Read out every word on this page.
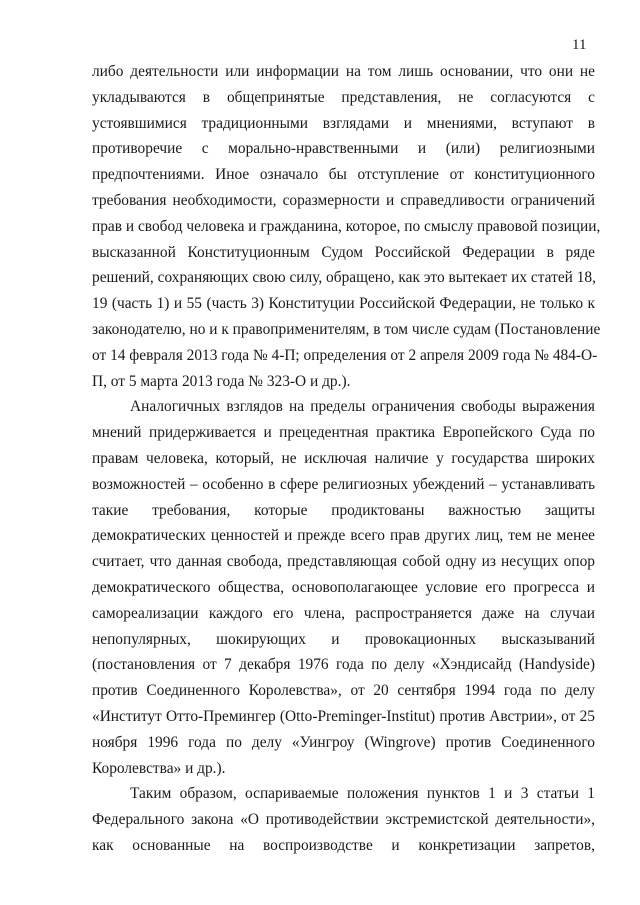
11
либо деятельности или информации на том лишь основании, что они не
укладываются в общепринятые представления, не согласуются с
устоявшимися традиционными взглядами и мнениями, вступают в
противоречие с морально-нравственными и (или) религиозными
предпочтениями. Иное означало бы отступление от конституционного
требования необходимости, соразмерности и справедливости ограничений
прав и свобод человека и гражданина, которое, по смыслу правовой позиции,
высказанной Конституционным Судом Российской Федерации в ряде
решений, сохраняющих свою силу, обращено, как это вытекает их статей 18,
19 (часть 1) и 55 (часть 3) Конституции Российской Федерации, не только к
законодателю, но и к правоприменителям, в том числе судам (Постановление
от 14 февраля 2013 года № 4-П; определения от 2 апреля 2009 года № 484-О-
П, от 5 марта 2013 года № 323-О и др.).
Аналогичных взглядов на пределы ограничения свободы выражения
мнений придерживается и прецедентная практика Европейского Суда по
правам человека, который, не исключая наличие у государства широких
возможностей – особенно в сфере религиозных убеждений – устанавливать
такие требования, которые продиктованы важностью защиты
демократических ценностей и прежде всего прав других лиц, тем не менее
считает, что данная свобода, представляющая собой одну из несущих опор
демократического общества, основополагающее условие его прогресса и
самореализации каждого его члена, распространяется даже на случаи
непопулярных, шокирующих и провокационных высказываний
(постановления от 7 декабря 1976 года по делу «Хэндисайд (Handyside)
против Соединенного Королевства», от 20 сентября 1994 года по делу
«Институт Отто-Премингер (Otto-Preminger-Institut) против Австрии», от 25
ноября 1996 года по делу «Уингроу (Wingrove) против Соединенного
Королевства» и др.).
Таким образом, оспариваемые положения пунктов 1 и 3 статьи 1
Федерального закона «О противодействии экстремистской деятельности»,
как основанные на воспроизводстве и конкретизации запретов,
